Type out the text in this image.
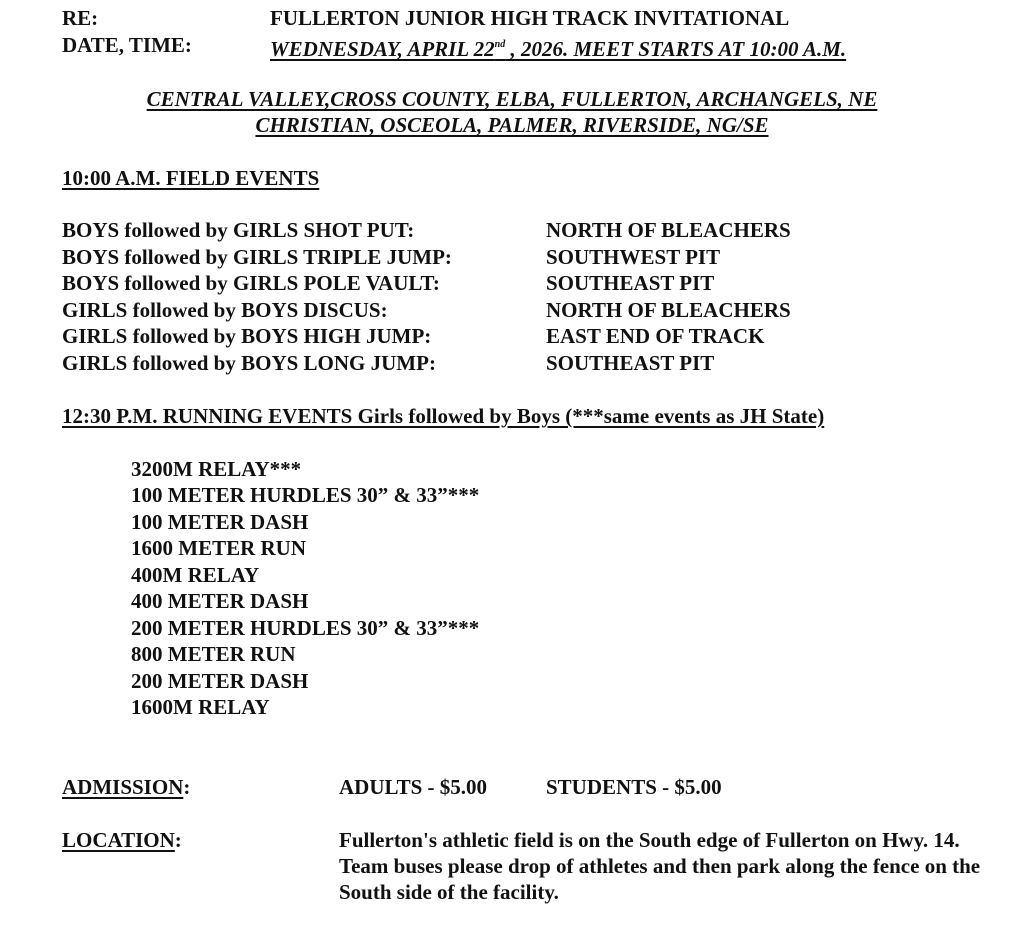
RE:	FULLERTON JUNIOR HIGH TRACK INVITATIONAL
DATE, TIME:	WEDNESDAY, APRIL 22nd , 2026. MEET STARTS AT 10:00 A.M.
CENTRAL VALLEY,CROSS COUNTY, ELBA, FULLERTON, ARCHANGELS, NE
CHRISTIAN, OSCEOLA, PALMER, RIVERSIDE, NG/SE
10:00 A.M. FIELD EVENTS
BOYS followed by GIRLS SHOT PUT:	NORTH OF BLEACHERS
BOYS followed by GIRLS TRIPLE JUMP:	SOUTHWEST PIT
BOYS followed by GIRLS POLE VAULT:	SOUTHEAST PIT
GIRLS followed by BOYS DISCUS:	NORTH OF BLEACHERS
GIRLS followed by BOYS HIGH JUMP:	EAST END OF TRACK
GIRLS followed by BOYS LONG JUMP:	SOUTHEAST PIT
12:30 P.M. RUNNING EVENTS Girls followed by Boys (***same events as JH State)
3200M RELAY***
100 METER HURDLES 30” & 33”***
100 METER DASH
1600 METER RUN
400M RELAY
400 METER DASH
200 METER HURDLES 30” & 33”***
800 METER RUN
200 METER DASH
1600M RELAY
ADMISSION:	ADULTS - $5.00	STUDENTS - $5.00
LOCATION:	Fullerton's athletic field is on the South edge of Fullerton on Hwy. 14. Team buses please drop of athletes and then park along the fence on the South side of the facility.
